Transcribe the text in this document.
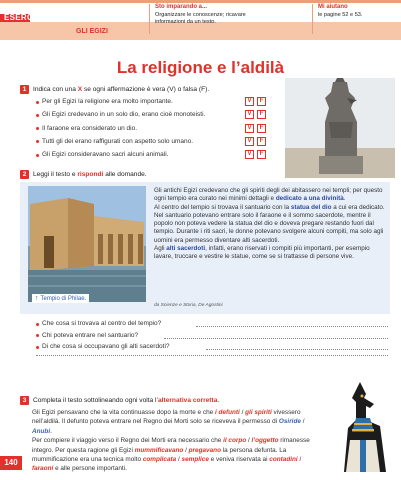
ESERCIZI
GLI EGIZI
Sto imparando a...
Organizzare le conoscenze; ricavare informazioni da un testo.
Mi aiutano
le pagine 52 e 53.
La religione e l’aldilà
1	Indica con una X se ogni affermazione è vera (V) o falsa (F).
Per gli Egizi la religione era molto importante.	V	F
Gli Egizi credevano in un solo dio, erano cioè monoteisti.	V	F
Il faraone era considerato un dio.	V	F
Tutti gli dei erano raffigurati con aspetto solo umano.	V	F
Gli Egizi consideravano sacri alcuni animali.	V	F
2	Leggi il testo e rispondi alle domande.
↑ Tempio di Philae.
Gli antichi Egizi credevano che gli spiriti degli dei abitassero nei templi; per questo ogni tempio era curato nei minimi dettagli e dedicato a una divinità.
Al centro del tempio si trovava il santuario con la statua del dio a cui era dedicato. Nel santuario potevano entrare solo il faraone e il sommo sacerdote, mentre il popolo non poteva vedere la statua del dio e doveva pregare restando fuori dal tempio. Durante i riti sacri, le donne potevano svolgere alcuni compiti, ma solo agli uomini era permesso diventare alti sacerdoti.
Agli alti sacerdoti, infatti, erano riservati i compiti più importanti, per esempio lavare, truccare e vestire le statue, come se si trattasse di persone vive.
da Scienze e Storia, De Agostini
Che cosa si trovava al centro del tempio?
Chi poteva entrare nel santuario?
Di che cosa si occupavano gli alti sacerdoti?
3	Completa il testo sottolineando ogni volta l’alternativa corretta.
Gli Egizi pensavano che la vita continuasse dopo la morte e che i defunti / gli spiriti vivessero nell’aldilà. Il defunto poteva entrare nel Regno dei Morti solo se riceveva il permesso di Osiride / Anubi.
Per compiere il viaggio verso il Regno dei Morti era necessario che il corpo / l’oggetto rimanesse integro. Per questa ragione gli Egizi mummificavano / pregavano la persona defunta. La mummificazione era una tecnica molto complicata / semplice e veniva riservata ai contadini / faraoni e alle persone importanti.
140
